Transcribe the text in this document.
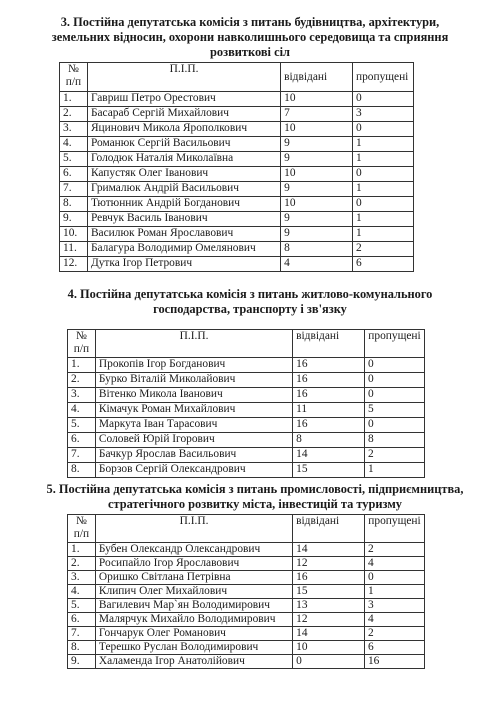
3. Постійна депутатська комісія з питань будівництва, архітектури, земельних відносин, охорони навколишнього середовища та сприяння розвиткові сіл
№ п/п	П.І.П.	відвідані	пропущені
1.	Гавриш Петро Орестович	10	0
2.	Басараб Сергій Михайлович	7	3
3.	Яцинович Микола Ярополкович	10	0
4.	Романюк Сергій Васильович	9	1
5.	Голодюк Наталія Миколаївна	9	1
6.	Капустяк Олег Іванович	10	0
7.	Грималюк Андрій Васильович	9	1
8.	Тютюнник Андрій Богданович	10	0
9.	Ревчук Василь Іванович	9	1
10.	Василюк Роман Ярославович	9	1
11.	Балагура Володимир Омелянович	8	2
12.	Дутка Ігор Петрович	4	6
4. Постійна депутатська комісія з питань житлово-комунального господарства, транспорту і зв'язку
№ п/п	П.І.П.	відвідані	пропущені
1.	Прокопів Ігор Богданович	16	0
2.	Бурко Віталій Миколайович	16	0
3.	Вітенко Микола Іванович	16	0
4.	Кімачук Роман Михайлович	11	5
5.	Маркута Іван Тарасович	16	0
6.	Соловей Юрій Ігорович	8	8
7.	Бачкур Ярослав Васильович	14	2
8.	Борзов Сергій Олександрович	15	1
5. Постійна депутатська комісія з питань промисловості, підприємництва, стратегічного розвитку міста, інвестицій та туризму
№ п/п	П.І.П.	відвідані	пропущені
1.	Бубен Олександр Олександрович	14	2
2.	Росипайло Ігор Ярославович	12	4
3.	Оришко Світлана Петрівна	16	0
4.	Клипич Олег Михайлович	15	1
5.	Вагилевич Мар`ян Володимирович	13	3
6.	Малярчук Михайло Володимирович	12	4
7.	Гончарук Олег Романович	14	2
8.	Терешко Руслан Володимирович	10	6
9.	Халаменда Ігор Анатолійович	0	16
